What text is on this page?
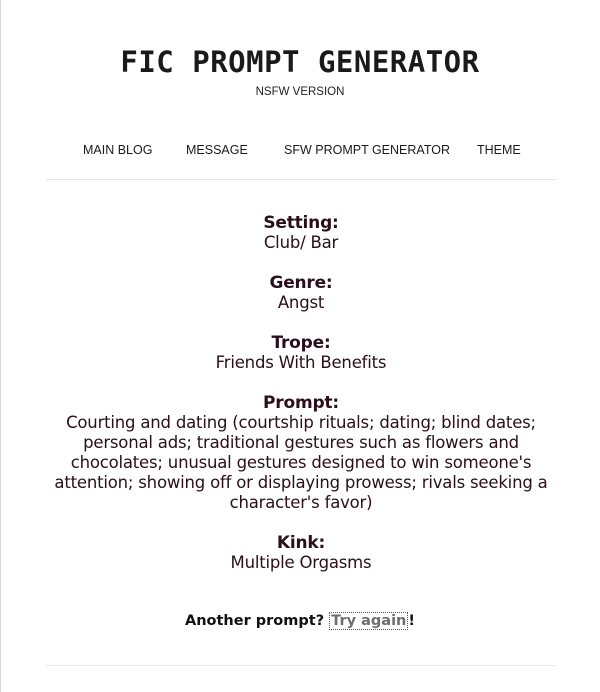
FIC PROMPT GENERATOR
NSFW VERSION
MAIN BLOG	MESSAGE	SFW PROMPT GENERATOR THEME
Setting:
Club/ Bar
Genre:
Angst
Trope:
Friends With Benefits
Prompt:
Courting and dating (courtship rituals; dating; blind dates; personal ads; traditional gestures such as flowers and chocolates; unusual gestures designed to win someone's attention; showing off or displaying prowess; rivals seeking a character's favor)
Kink:
Multiple Orgasms
Another prompt? Try again !
